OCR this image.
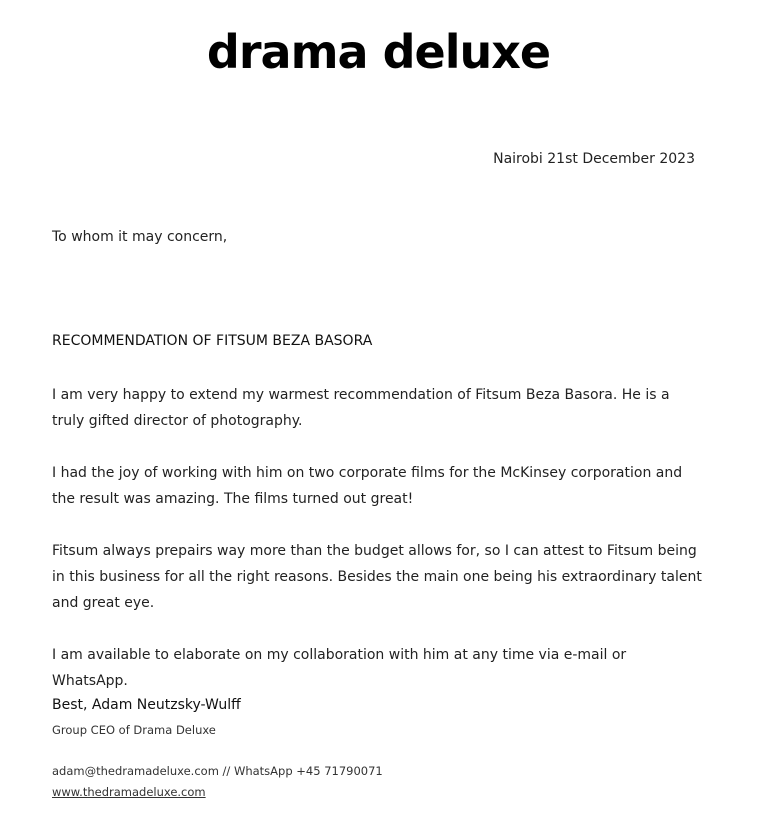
drama deluxe
Nairobi 21st December 2023
To whom it may concern,
RECOMMENDATION OF FITSUM BEZA BASORA
I am very happy to extend my warmest recommendation of Fitsum Beza Basora. He is a truly gifted director of photography.
I had the joy of working with him on two corporate films for the McKinsey corporation and the result was amazing. The films turned out great!
Fitsum always prepairs way more than the budget allows for, so I can attest to Fitsum being in this business for all the right reasons. Besides the main one being his extraordinary talent and great eye.
I am available to elaborate on my collaboration with him at any time via e-mail or WhatsApp.
Best, Adam Neutzsky-Wulff
Group CEO of Drama Deluxe
adam@thedramadeluxe.com // WhatsApp +45 71790071
www.thedramadeluxe.com
